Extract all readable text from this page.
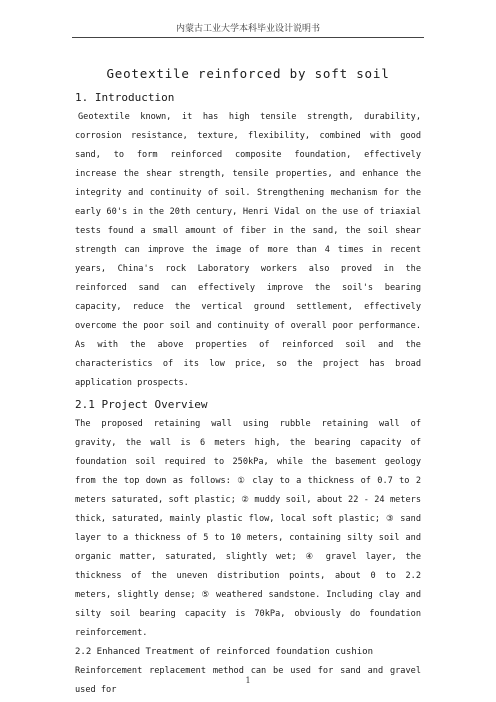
内蒙古工业大学本科毕业设计说明书
Geotextile reinforced by soft soil
1. Introduction

Geotextile known, it has high tensile strength, durability, corrosion resistance, texture, flexibility, combined with good sand, to form reinforced composite foundation, effectively increase the shear strength, tensile properties, and enhance the integrity and continuity of soil. Strengthening mechanism for the early 60's in the 20th century, Henri Vidal on the use of triaxial tests found a small amount of fiber in the sand, the soil shear strength can improve the image of more than 4 times in recent years, China's rock Laboratory workers also proved in the reinforced sand can effectively improve the soil's bearing capacity, reduce the vertical ground settlement, effectively overcome the poor soil and continuity of overall poor performance. As with the above properties of reinforced soil and the characteristics of its low price, so the project has broad application prospects.

2.1 Project Overview

The proposed retaining wall using rubble retaining wall of gravity, the wall is 6 meters high, the bearing capacity of foundation soil required to 250kPa, while the basement geology from the top down as follows: ① clay to a thickness of 0.7 to 2 meters saturated, soft plastic; ② muddy soil, about 22 - 24 meters thick, saturated, mainly plastic flow, local soft plastic; ③ sand layer to a thickness of 5 to 10 meters, containing silty soil and organic matter, saturated, slightly wet; ④ gravel layer, the thickness of the uneven distribution points, about 0 to 2.2 meters, slightly dense; ⑤ weathered sandstone. Including clay and silty soil bearing capacity is 70kPa, obviously do foundation reinforcement.

2.2 Enhanced Treatment of reinforced foundation cushion

Reinforcement replacement method can be used for sand and gravel used for

1
